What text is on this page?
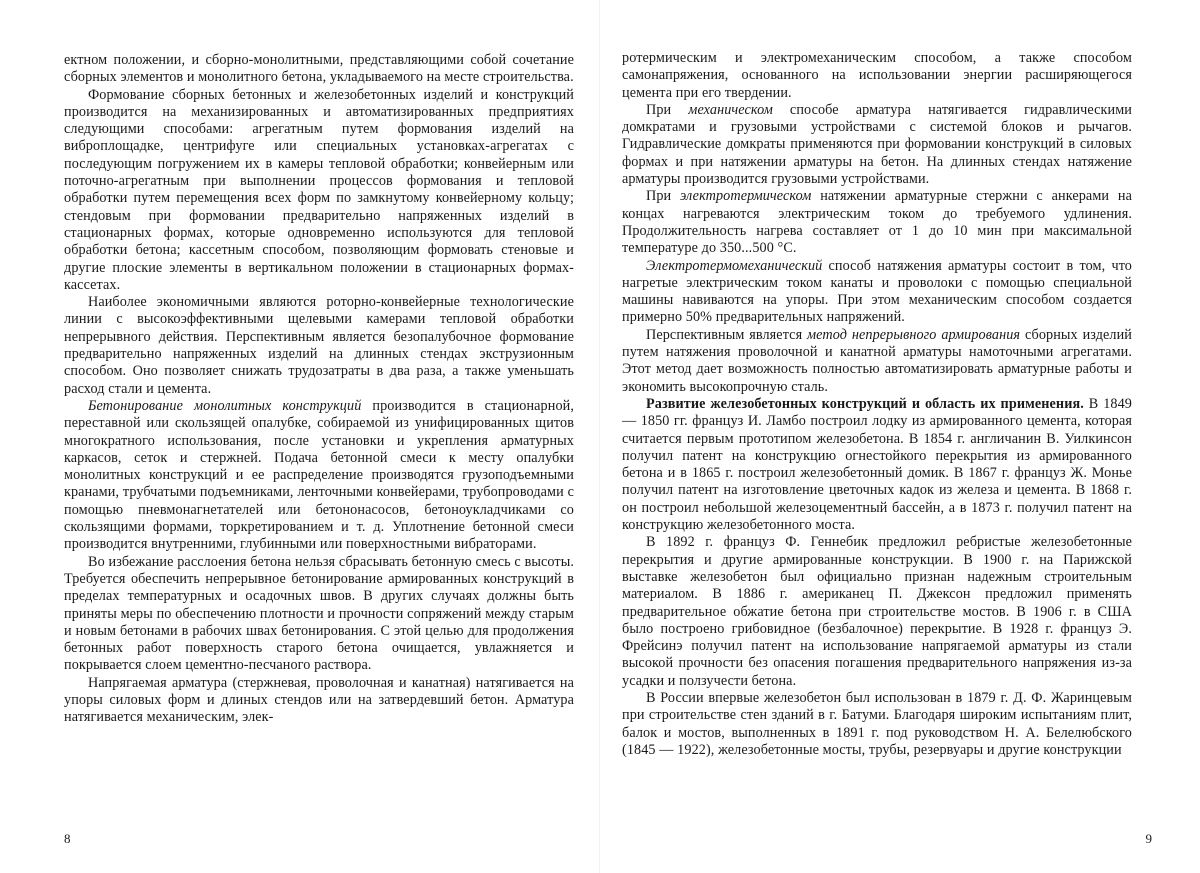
ектном положении, и сборно-монолитными, представляющими собой сочетание сборных элементов и монолитного бетона, укладываемого на месте строительства.

Формование сборных бетонных и железобетонных изделий и конструкций производится на механизированных и автоматизированных предприятиях следующими способами: агрегатным путем формования изделий на виброплощадке, центрифуге или специальных установках-агрегатах с последующим погружением их в камеры тепловой обработки; конвейерным или поточно-агрегатным при выполнении процессов формования и тепловой обработки путем перемещения всех форм по замкнутому конвейерному кольцу; стендовым при формовании предварительно напряженных изделий в стационарных формах, которые одновременно используются для тепловой обработки бетона; кассетным способом, позволяющим формовать стеновые и другие плоские элементы в вертикальном положении в стационарных формах-кассетах.

Наиболее экономичными являются роторно-конвейерные технологические линии с высокоэффективными щелевыми камерами тепловой обработки непрерывного действия. Перспективным является безопалубочное формование предварительно напряженных изделий на длинных стендах экструзионным способом. Оно позволяет снижать трудозатраты в два раза, а также уменьшать расход стали и цемента.

Бетонирование монолитных конструкций производится в стационарной, переставной или скользящей опалубке, собираемой из унифицированных щитов многократного использования, после установки и укрепления арматурных каркасов, сеток и стержней. Подача бетонной смеси к месту опалубки монолитных конструкций и ее распределение производятся грузоподъемными кранами, трубчатыми подъемниками, ленточными конвейерами, трубопроводами с помощью пневмонагнетателей или бетононасосов, бетоноукладчиками со скользящими формами, торкретированием и т. д. Уплотнение бетонной смеси производится внутренними, глубинными или поверхностными вибраторами.

Во избежание расслоения бетона нельзя сбрасывать бетонную смесь с высоты. Требуется обеспечить непрерывное бетонирование армированных конструкций в пределах температурных и осадочных швов. В других случаях должны быть приняты меры по обеспечению плотности и прочности сопряжений между старым и новым бетонами в рабочих швах бетонирования. С этой целью для продолжения бетонных работ поверхность старого бетона очищается, увлажняется и покрывается слоем цементно-песчаного раствора.

Напрягаемая арматура (стержневая, проволочная и канатная) натягивается на упоры силовых форм и длиных стендов или на затвердевший бетон. Арматура натягивается механическим, элек-

8

ротермическим и электромеханическим способом, а также способом самонапряжения, основанного на использовании энергии расширяющегося цемента при его твердении.

При механическом способе арматура натягивается гидравлическими домкратами и грузовыми устройствами с системой блоков и рычагов. Гидравлические домкраты применяются при формовании конструкций в силовых формах и при натяжении арматуры на бетон. На длинных стендах натяжение арматуры производится грузовыми устройствами.

При электротермическом натяжении арматурные стержни с анкерами на концах нагреваются электрическим током до требуемого удлинения. Продолжительность нагрева составляет от 1 до 10 мин при максимальной температуре до 350...500 °С.

Электротермомеханический способ натяжения арматуры состоит в том, что нагретые электрическим током канаты и проволоки с помощью специальной машины навиваются на упоры. При этом механическим способом создается примерно 50% предварительных напряжений.

Перспективным является метод непрерывного армирования сборных изделий путем натяжения проволочной и канатной арматуры намоточными агрегатами. Этот метод дает возможность полностью автоматизировать арматурные работы и экономить высокопрочную сталь.

Развитие железобетонных конструкций и область их применения. В 1849 — 1850 гг. француз И. Ламбо построил лодку из армированного цемента, которая считается первым прототипом железобетона. В 1854 г. англичанин В. Уилкинсон получил патент на конструкцию огнестойкого перекрытия из армированного бетона и в 1865 г. построил железобетонный домик. В 1867 г. француз Ж. Монье получил патент на изготовление цветочных кадок из железа и цемента. В 1868 г. он построил небольшой железоцементный бассейн, а в 1873 г. получил патент на конструкцию железобетонного моста.

В 1892 г. француз Ф. Геннебик предложил ребристые железобетонные перекрытия и другие армированные конструкции. В 1900 г. на Парижской выставке железобетон был официально признан надежным строительным материалом. В 1886 г. американец П. Джексон предложил применять предварительное обжатие бетона при строительстве мостов. В 1906 г. в США было построено грибовидное (безбалочное) перекрытие. В 1928 г. француз Э. Фрейсинэ получил патент на использование напрягаемой арматуры из стали высокой прочности без опасения погашения предварительного напряжения из-за усадки и ползучести бетона.

В России впервые железобетон был использован в 1879 г. Д. Ф. Жаринцевым при строительстве стен зданий в г. Батуми. Благодаря широким испытаниям плит, балок и мостов, выполненных в 1891 г. под руководством Н. А. Белелюбского (1845 — 1922), железобетонные мосты, трубы, резервуары и другие конструкции

9
